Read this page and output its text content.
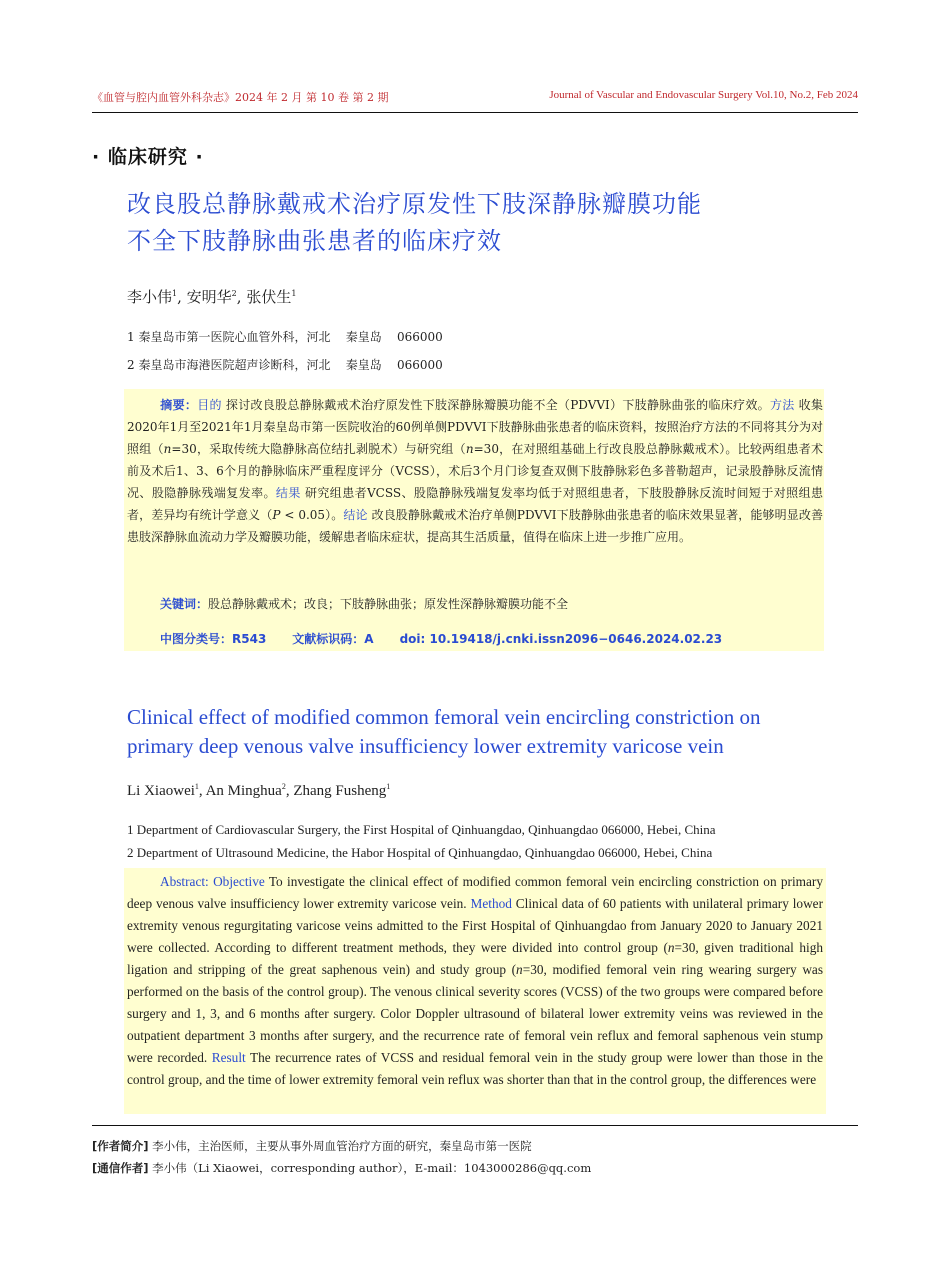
《血管与腔内血管外科杂志》2024 年 2 月 第 10 卷 第 2 期	Journal of Vascular and Endovascular Surgery Vol.10, No.2, Feb 2024
· 临床研究 ·
改良股总静脉戴戒术治疗原发性下肢深静脉瓣膜功能
不全下肢静脉曲张患者的临床疗效
李小伟$^1$, 安明华$^2$, 张伏生$^1$
1 秦皇岛市第一医院心血管外科，河北    秦皇岛    066000
2 秦皇岛市海港医院超声诊断科，河北    秦皇岛    066000
摘要：目的 探讨改良股总静脉戴戒术治疗原发性下肢深静脉瓣膜功能不全（PDVVI）下肢静脉曲张的临床疗效。方法 收集2020年1月至2021年1月秦皇岛市第一医院收治的60例单侧PDVVI下肢静脉曲张患者的临床资料，按照治疗方法的不同将其分为对照组（n=30，采取传统大隐静脉高位结扎剥脱术）与研究组（n=30，在对照组基础上行改良股总静脉戴戒术）。比较两组患者术前及术后1、3、6个月的静脉临床严重程度评分（VCSS），术后3个月门诊复查双侧下肢静脉彩色多普勒超声，记录股静脉反流情况、股隐静脉残端复发率。结果 研究组患者VCSS、股隐静脉残端复发率均低于对照组患者，下肢股静脉反流时间短于对照组患者，差异均有统计学意义（P < 0.05）。结论 改良股静脉戴戒术治疗单侧PDVVI下肢静脉曲张患者的临床效果显著，能够明显改善患肢深静脉血流动力学及瓣膜功能，缓解患者临床症状，提高其生活质量，值得在临床上进一步推广应用。
关键词：股总静脉戴戒术；改良；下肢静脉曲张；原发性深静脉瓣膜功能不全
中图分类号：R543 文献标识码：A doi: 10.19418/j.cnki.issn2096−0646.2024.02.23
Clinical effect of modified common femoral vein encircling constriction on
primary deep venous valve insufficiency lower extremity varicose vein
Li Xiaowei$^1$, An Minghua$^2$, Zhang Fusheng$^1$
1 Department of Cardiovascular Surgery, the First Hospital of Qinhuangdao, Qinhuangdao 066000, Hebei, China
2 Department of Ultrasound Medicine, the Habor Hospital of Qinhuangdao, Qinhuangdao 066000, Hebei, China
Abstract: Objective To investigate the clinical effect of modified common femoral vein encircling constriction on primary deep venous valve insufficiency lower extremity varicose vein. Method Clinical data of 60 patients with unilateral primary lower extremity venous regurgitating varicose veins admitted to the First Hospital of Qinhuangdao from January 2020 to January 2021 were collected. According to different treatment methods, they were divided into control group (n=30, given traditional high ligation and stripping of the great saphenous vein) and study group (n=30, modified femoral vein ring wearing surgery was performed on the basis of the control group). The venous clinical severity scores (VCSS) of the two groups were compared before surgery and 1, 3, and 6 months after surgery. Color Doppler ultrasound of bilateral lower extremity veins was reviewed in the outpatient department 3 months after surgery, and the recurrence rate of femoral vein reflux and femoral saphenous vein stump were recorded. Result The recurrence rates of VCSS and residual femoral vein in the study group were lower than those in the control group, and the time of lower extremity femoral vein reflux was shorter than that in the control group, the differences were
[作者简介] 李小伟，主治医师，主要从事外周血管治疗方面的研究，秦皇岛市第一医院
[通信作者] 李小伟（Li Xiaowei，corresponding author），E-mail：1043000286@qq.com
